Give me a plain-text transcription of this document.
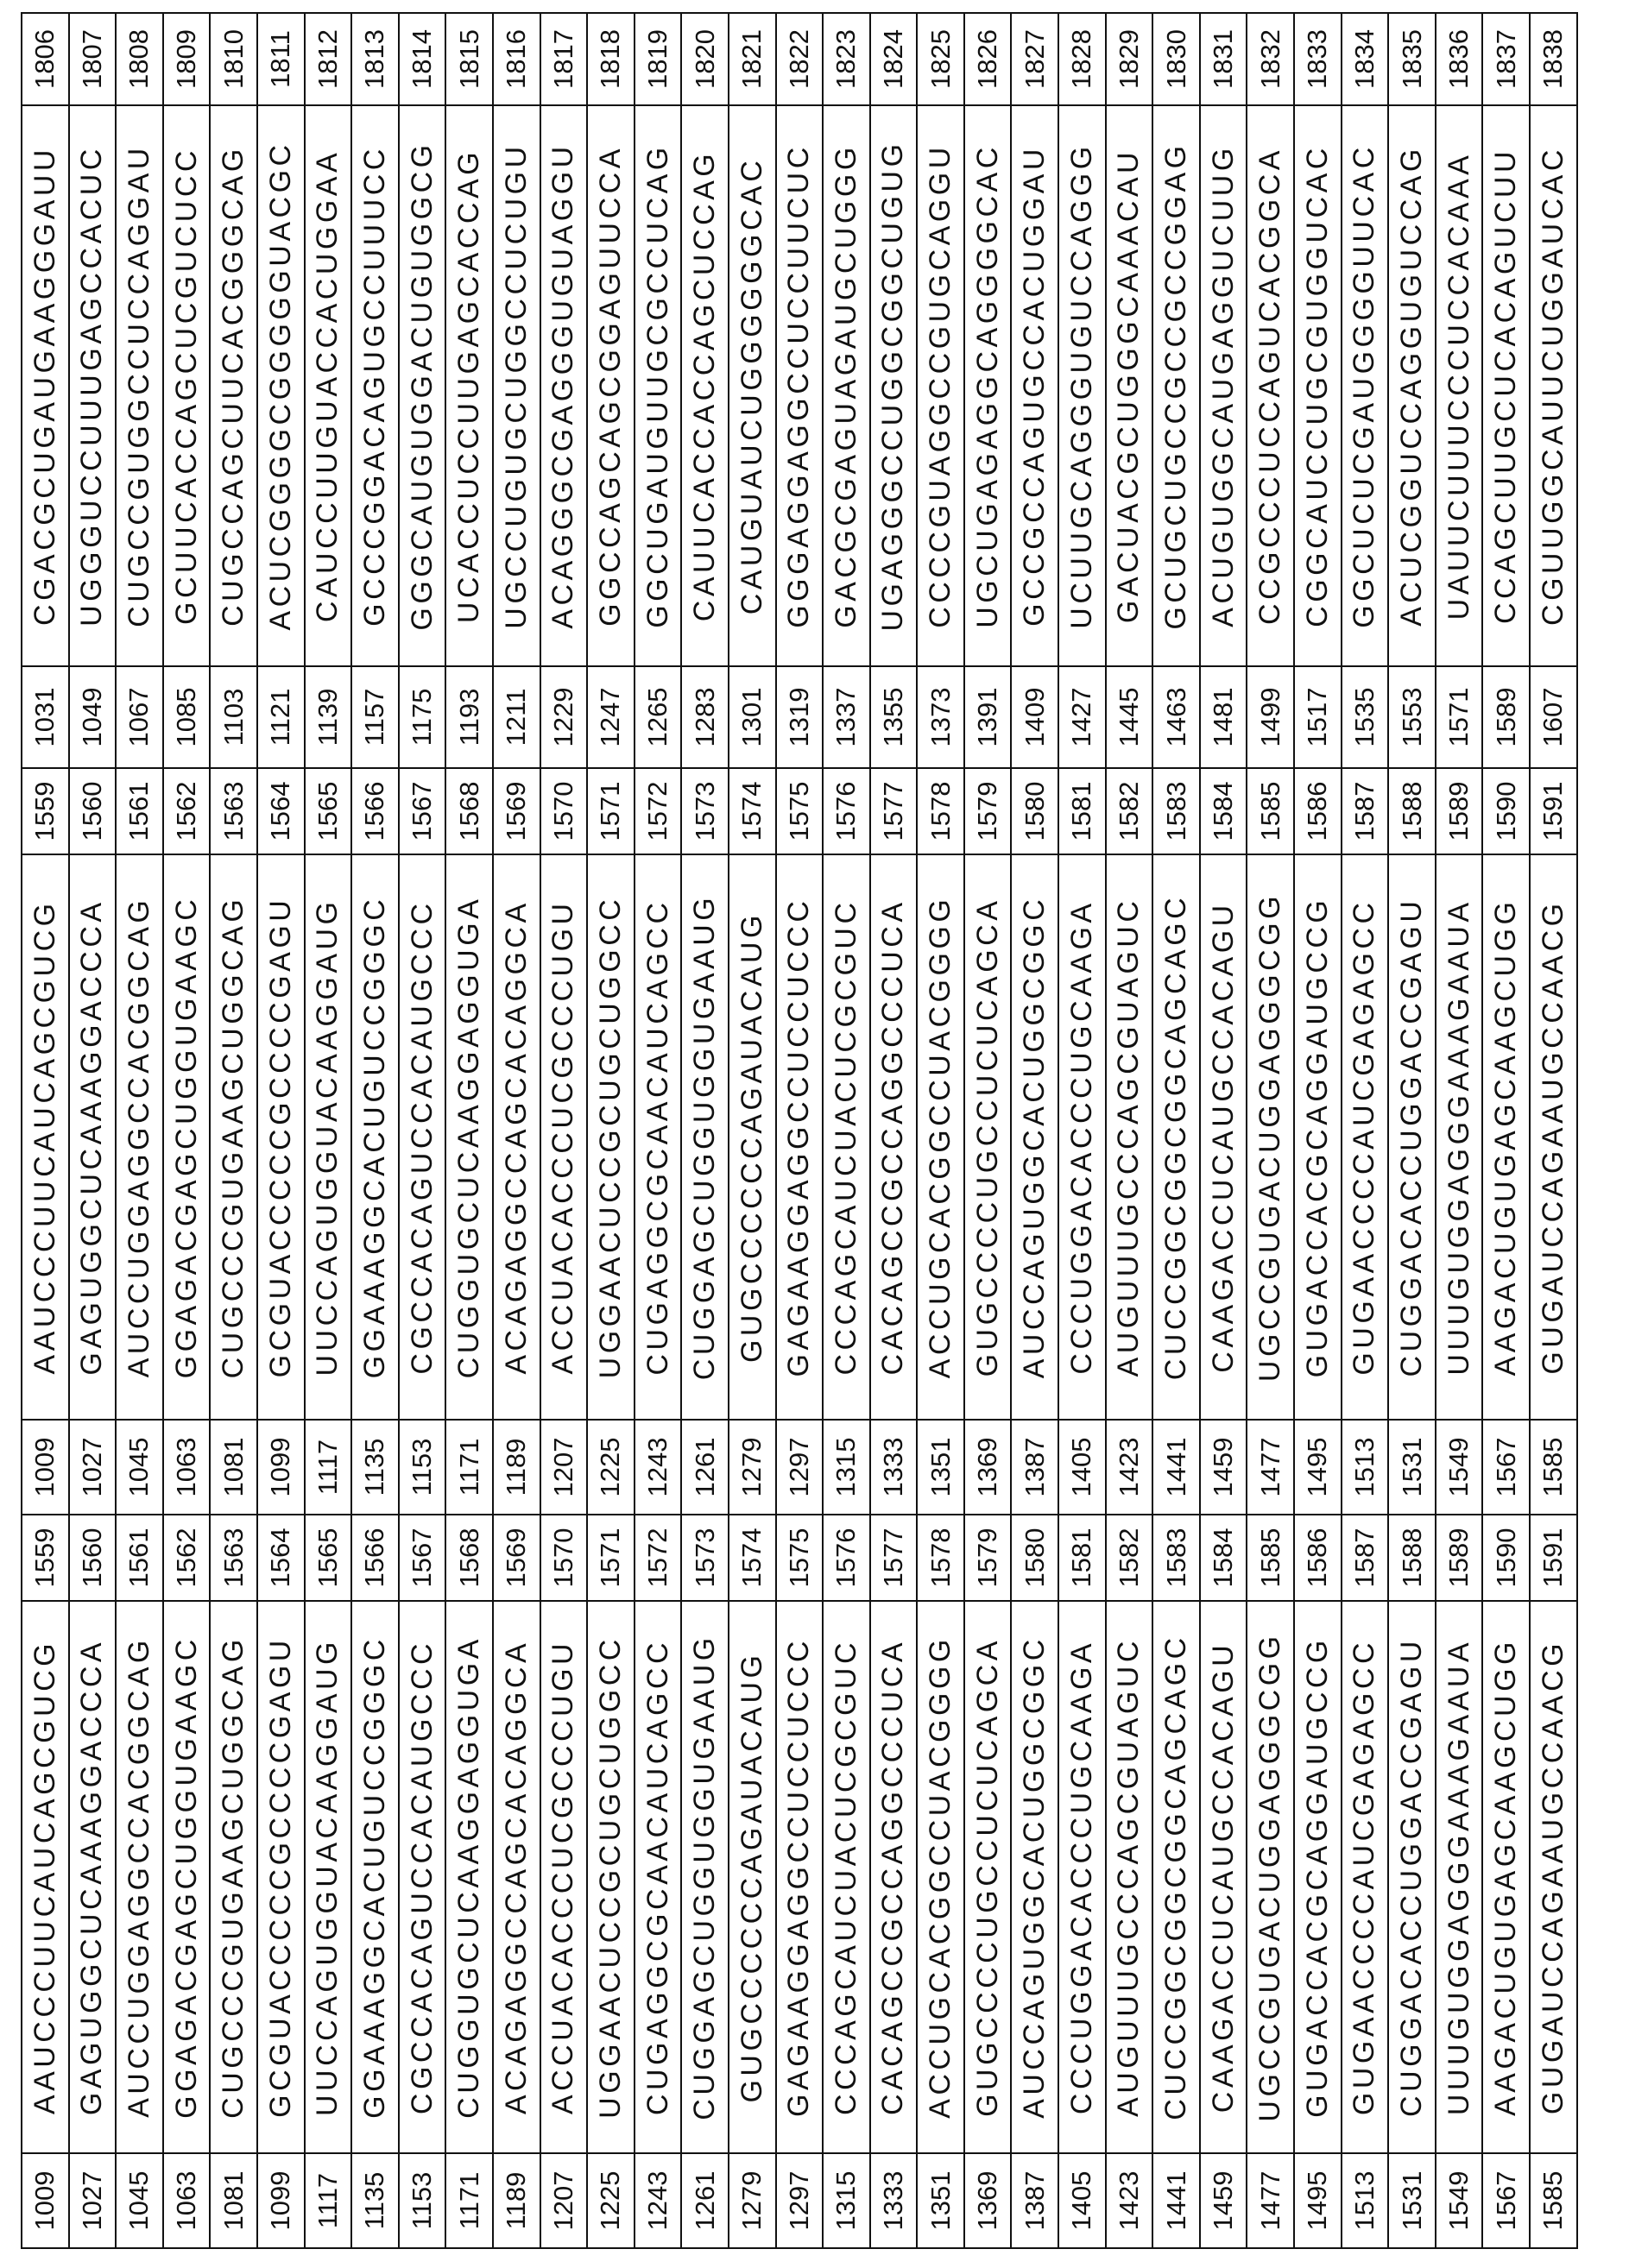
1009	AAUCCCUUCAUCAGCGUCG	1559	1009	AAUCCCUUCAUCAGCGUCG	1559	1031	CGACGCUGAUGAAGGGAUU	1806
1027	GAGUGGCUCAAAGGACCCA	1560	1027	GAGUGGCUCAAAGGACCCA	1560	1049	UGGGUCCUUUGAGCCACUC	1807
1045	AUCCUGGAGGCCACGGCAG	1561	1045	AUCCUGGAGGCCACGGCAG	1561	1067	CUGCCGUGGCCUCCAGGAU	1808
1063	GGAGACGAGCUGGUGAAGC	1562	1063	GGAGACGAGCUGGUGAAGC	1562	1085	GCUUCACCAGCUCGUCUCC	1809
1081	CUGCCCGUGAAGCUGGCAG	1563	1081	CUGCCCGUGAAGCUGGCAG	1563	1103	CUGCCAGCUUCACGGGCAG	1810
1099	GCGUACCCCCGCCCCGAGU	1564	1099	GCGUACCCCCGCCCCGAGU	1564	1121	ACUCGGGGCGGGGGUACGC	1811
1117	UUCCAGUGGUACAAGGAUG	1565	1117	UUCCAGUGGUACAAGGAUG	1565	1139	CAUCCUUGUACCACUGGAA	1812
1135	GGAAAGGCACUGUCCGGGC	1566	1135	GGAAAGGCACUGUCCGGGC	1566	1157	GCCCGGACAGUGCCUUUCC	1813
1153	CGCCACAGUCCACAUGCCC	1567	1153	CGCCACAGUCCACAUGCCC	1567	1175	GGGCAUGUGGACUGUGGCG	1814
1171	CUGGUGCUCAAGGAGGUGA	1568	1171	CUGGUGCUCAAGGAGGUGA	1568	1193	UCACCUCCUUGAGCACCAG	1815
1189	ACAGAGGCCAGCACAGGCA	1569	1189	ACAGAGGCCAGCACAGGCA	1569	1211	UGCCUGUGCUGGCCUCUGU	1816
1207	ACCUACACCCUCGCCCUGU	1570	1207	ACCUACACCCUCGCCCUGU	1570	1229	ACAGGGCGAGGGUGUAGGU	1817
1225	UGGAACUCCGCUGCUGGCC	1571	1225	UGGAACUCCGCUGCUGGCC	1571	1247	GGCCAGCAGCGGAGUUCCA	1818
1243	CUGAGGCGCAACAUCAGCC	1572	1243	CUGAGGCGCAACAUCAGCC	1572	1265	GGCUGAUGUUGCGCCUCAG	1819
1261	CUGGAGCUGGUGGUGAAUG	1573	1261	CUGGAGCUGGUGGUGAAUG	1573	1283	CAUUCACCACCAGCUCCAG	1820
1279	GUGCCCCCCAGAUACAUG	1574	1279	GUGCCCCCCAGAUACAUG	1574	1301	CAUGUAUCUGGGGGGCAC	1821
1297	GAGAAGGAGGCCUCCUCCC	1575	1297	GAGAAGGAGGCCUCCUCCC	1575	1319	GGGAGGAGGCCUCCUUCUC	1822
1315	CCCAGCAUCUACUCGCGUC	1576	1315	CCCAGCAUCUACUCGCGUC	1576	1337	GACGCGAGUAGAUGCUGGG	1823
1333	CACAGCCGCCAGGCCCUCA	1577	1333	CACAGCCGCCAGGCCCUCA	1577	1355	UGAGGGCCUGGCGGCUGUG	1824
1351	ACCUGCACGGCCUACGGGG	1578	1351	ACCUGCACGGCCUACGGGG	1578	1373	CCCCGUAGGCCGUGCAGGU	1825
1369	GUGCCCCUGCCUCUCAGCA	1579	1369	GUGCCCCUGCCUCUCAGCA	1579	1391	UGCUGAGAGGCAGGGGCAC	1826
1387	AUCCAGUGGCACUGGCGGC	1580	1387	AUCCAGUGGCACUGGCGGC	1580	1409	GCCGCCAGUGCCACUGGAU	1827
1405	CCCUGGACACCCUGCAAGA	1581	1405	CCCUGGACACCCUGCAAGA	1581	1427	UCUUGCAGGGUGUCCAGGG	1828
1423	AUGUUUGCCCAGCGUAGUC	1582	1423	AUGUUUGCCCAGCGUAGUC	1582	1445	GACUACGCUGGGCAAACAU	1829
1441	CUCCGGCGGCGGCAGCAGC	1583	1441	CUCCGGCGGCGGCAGCAGC	1583	1463	GCUGCUGCCGCCGCCGGAG	1830
1459	CAAGACCUCAUGCCACAGU	1584	1459	CAAGACCUCAUGCCACAGU	1584	1481	ACUGUGGCAUGAGGUCUUG	1831
1477	UGCCGUGACUGGAGGGCGG	1585	1477	UGCCGUGACUGGAGGGCGG	1585	1499	CCGCCCUCCAGUCACGGCA	1832
1495	GUGACCACGCAGGAUGCCG	1586	1495	GUGACCACGCAGGAUGCCG	1586	1517	CGGCAUCCUGCGUGGUCAC	1833
1513	GUGAACCCCAUCGAGAGCC	1587	1513	GUGAACCCCAUCGAGAGCC	1587	1535	GGCUCUCGAUGGGGUUCAC	1834
1531	CUGGACACCUGGACCGAGU	1588	1531	CUGGACACCUGGACCGAGU	1588	1553	ACUCGGUCCAGGUGUCCAG	1835
1549	UUUGUGGAGGGAAAGAAUA	1589	1549	UUUGUGGAGGGAAAGAAUA	1589	1571	UAUUCUUUCCCUCCACAAA	1836
1567	AAGACUGUGAGCAAGCUGG	1590	1567	AAGACUGUGAGCAAGCUGG	1590	1589	CCAGCUUGCUCACAGUCUU	1837
1585	GUGAUCCAGAAUGCCAACG	1591	1585	GUGAUCCAGAAUGCCAACG	1591	1607	CGUUGGCAUUCUGGAUCAC	1838
